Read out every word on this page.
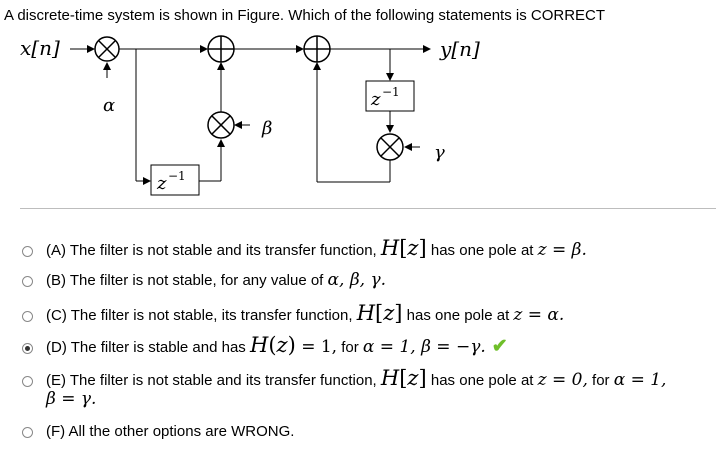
A discrete-time system is shown in Figure. Which of the following statements is CORRECT
x[n]
α
y[n]
z −1
β
z −1
γ
(A) The filter is not stable and its transfer function, H[z] has one pole at z = β.
(B) The filter is not stable, for any value of α, β, γ.
(C) The filter is not stable, its transfer function, H[z] has one pole at z = α.
(D) The filter is stable and has H(z) = 1, for α = 1, β = −γ. ✔
(E) The filter is not stable and its transfer function, H[z] has one pole at z = 0, for α = 1,
β = γ.
(F) All the other options are WRONG.
